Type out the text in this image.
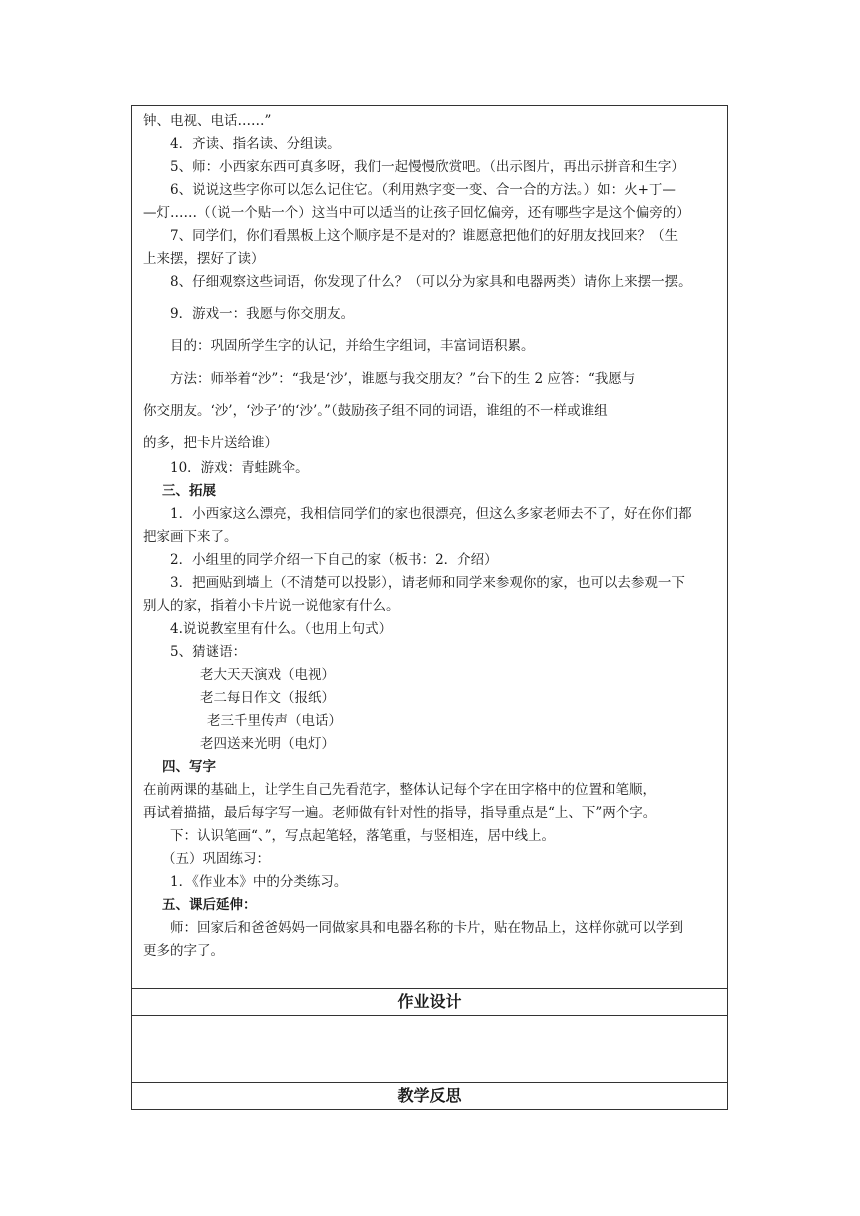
钟、电视、电话……”
4．齐读、指名读、分组读。
5、师：小西家东西可真多呀，我们一起慢慢欣赏吧。（出示图片，再出示拼音和生字）
6、说说这些字你可以怎么记住它。（利用熟字变一变、合一合的方法。）如：火+丁—
—灯……（（说一个贴一个）这当中可以适当的让孩子回忆偏旁，还有哪些字是这个偏旁的）
7、同学们，你们看黑板上这个顺序是不是对的？谁愿意把他们的好朋友找回来？（生
上来摆，摆好了读）
8、仔细观察这些词语，你发现了什么？（可以分为家具和电器两类）请你上来摆一摆。
9．游戏一：我愿与你交朋友。
目的：巩固所学生字的认记，并给生字组词，丰富词语积累。
方法：师举着“沙”：“我是‘沙’，谁愿与我交朋友？”台下的生 2 应答：“我愿与
你交朋友。‘沙’，‘沙子’的‘沙’。”（鼓励孩子组不同的词语，谁组的不一样或谁组
的多，把卡片送给谁）
10．游戏：青蛙跳伞。
三、拓展
1．小西家这么漂亮，我相信同学们的家也很漂亮，但这么多家老师去不了，好在你们都
把家画下来了。
2．小组里的同学介绍一下自己的家（板书：2．介绍）
3．把画贴到墙上（不清楚可以投影），请老师和同学来参观你的家，也可以去参观一下
别人的家，指着小卡片说一说他家有什么。
4.说说教室里有什么。（也用上句式）
5、猜谜语：
老大天天演戏（电视）
老二每日作文（报纸）
老三千里传声（电话）
老四送来光明（电灯）
四、写字
在前两课的基础上，让学生自己先看范字，整体认记每个字在田字格中的位置和笔顺，
再试着描描，最后每字写一遍。老师做有针对性的指导，指导重点是“上、下”两个字。
下：认识笔画“、”，写点起笔轻，落笔重，与竖相连，居中线上。
（五）巩固练习：
1．《作业本》中的分类练习。
五、课后延伸：
师：回家后和爸爸妈妈一同做家具和电器名称的卡片，贴在物品上，这样你就可以学到
更多的字了。
作业设计
教学反思
